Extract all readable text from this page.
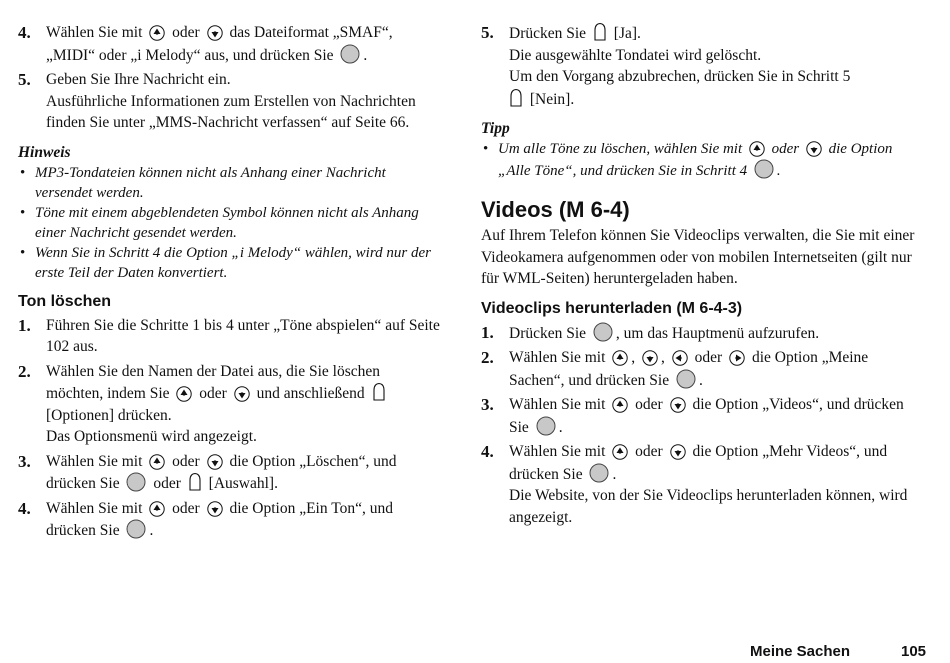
4. Wählen Sie mit oder das Dateiformat „SMAF“, „MIDI“ oder „i Melody“ aus, und drücken Sie .
5. Geben Sie Ihre Nachricht ein.
Ausführliche Informationen zum Erstellen von Nachrichten finden Sie unter „MMS-Nachricht verfassen“ auf Seite 66.
Hinweis
• MP3-Tondateien können nicht als Anhang einer Nachricht versendet werden.
• Töne mit einem abgeblendeten Symbol können nicht als Anhang einer Nachricht gesendet werden.
• Wenn Sie in Schritt 4 die Option „i Melody“ wählen, wird nur der erste Teil der Daten konvertiert.
Ton löschen
1. Führen Sie die Schritte 1 bis 4 unter „Töne abspielen“ auf Seite 102 aus.
2. Wählen Sie den Namen der Datei aus, die Sie löschen möchten, indem Sie oder und anschließend  [Optionen] drücken.
Das Optionsmenü wird angezeigt.
3. Wählen Sie mit oder die Option „Löschen“, und drücken Sie oder [Auswahl].
4. Wählen Sie mit oder die Option „Ein Ton“, und drücken Sie .
5. Drücken Sie [Ja].
Die ausgewählte Tondatei wird gelöscht.
Um den Vorgang abzubrechen, drücken Sie in Schritt 5
[Nein].
Tipp
• Um alle Töne zu löschen, wählen Sie mit oder die Option „Alle Töne“, und drücken Sie in Schritt 4 .
Videos (M 6-4)
Auf Ihrem Telefon können Sie Videoclips verwalten, die Sie mit einer Videokamera aufgenommen oder von mobilen Internetseiten (gilt nur für WML-Seiten) heruntergeladen haben.
Videoclips herunterladen (M 6-4-3)
1. Drücken Sie , um das Hauptmenü aufzurufen.
2. Wählen Sie mit , , oder die Option „Meine Sachen“, und drücken Sie .
3. Wählen Sie mit oder die Option „Videos“, und drücken Sie .
4. Wählen Sie mit oder die Option „Mehr Videos“, und drücken Sie .
Die Website, von der Sie Videoclips herunterladen können, wird angezeigt.
Meine Sachen	105
